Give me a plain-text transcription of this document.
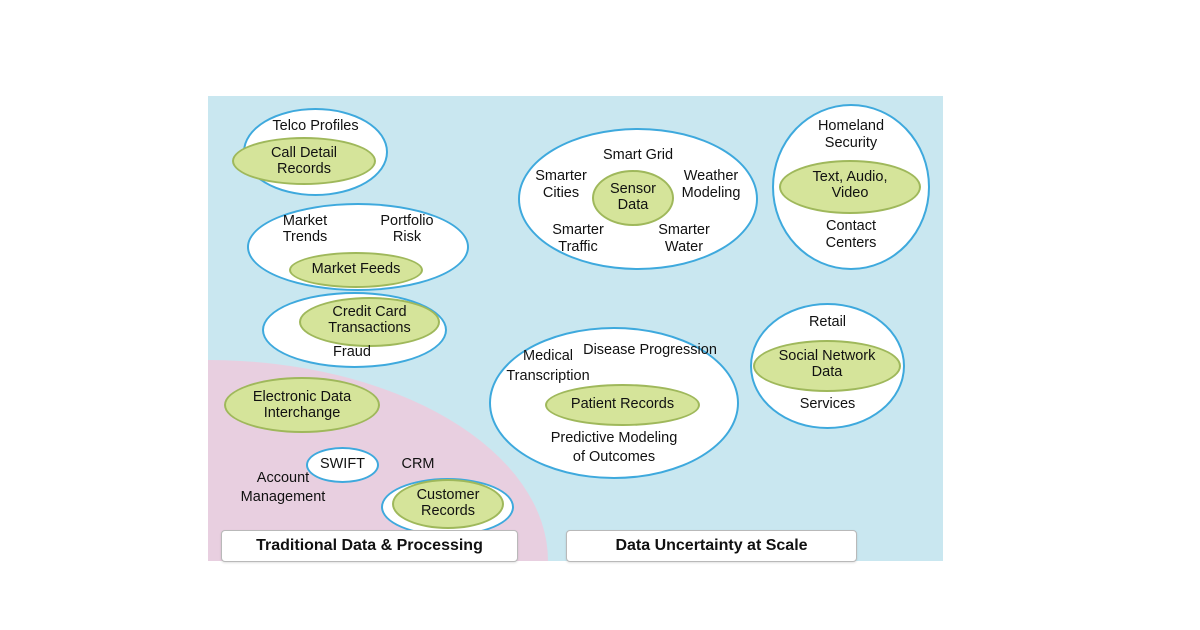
Telco Profiles
Call Detail
Records
Market
Trends
Portfolio
Risk
Market Feeds
Credit Card
Transactions
Fraud
Electronic Data
Interchange
SWIFT
Account
Management
CRM
Customer
Records
Smart Grid
Smarter
Cities
Weather
Modeling
Sensor
Data
Smarter
Traffic
Smarter
Water
Homeland
Security
Text, Audio,
Video
Contact
Centers
Disease Progression
Medical
Transcription
Patient Records
Predictive Modeling
of Outcomes
Retail
Social Network
Data
Services
Traditional Data & Processing	Data Uncertainty at Scale
